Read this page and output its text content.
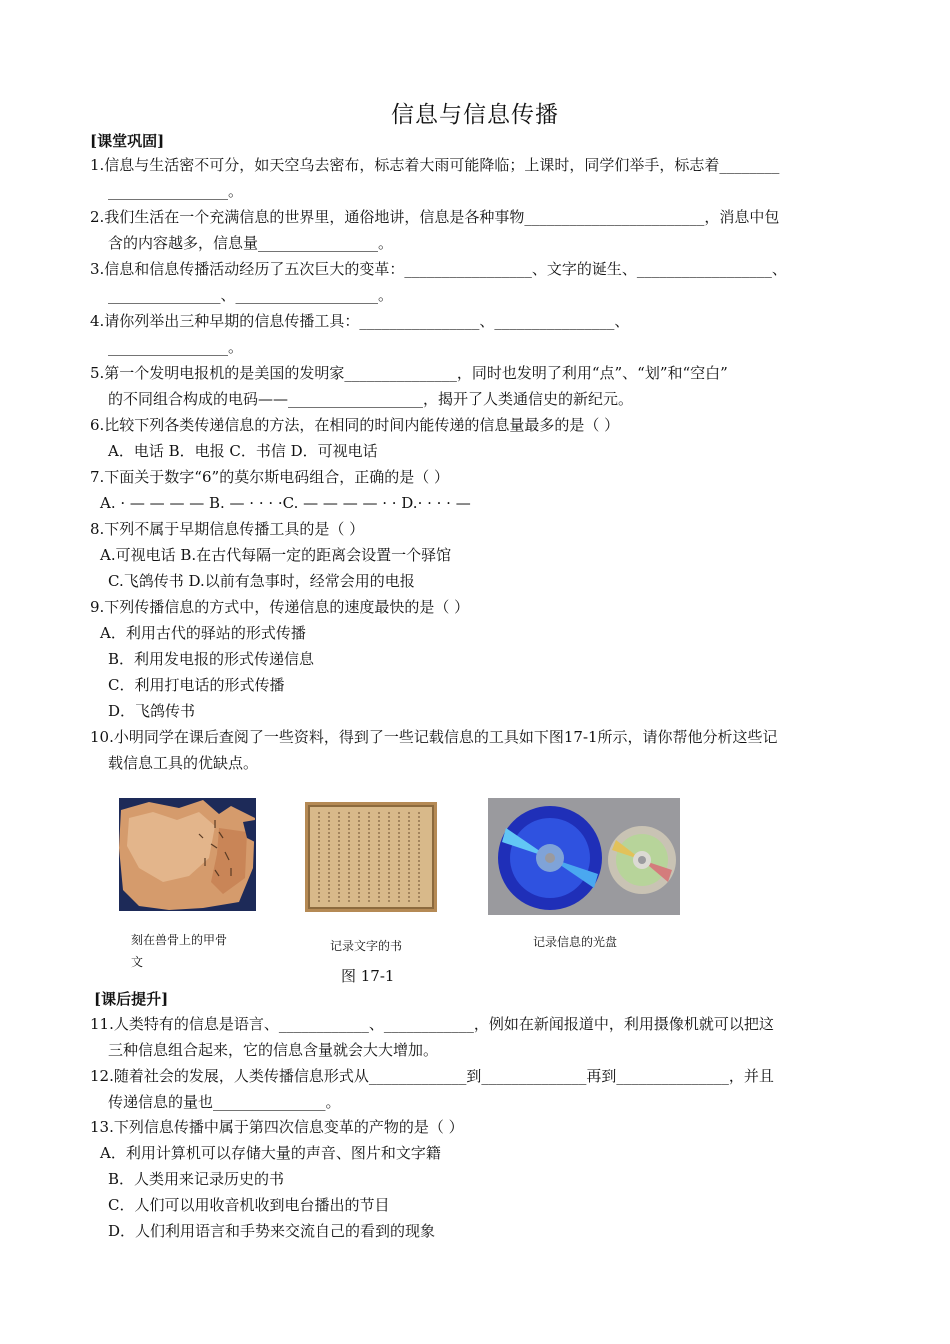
信息与信息传播
[课堂巩固]
1.信息与生活密不可分，如天空乌去密布，标志着大雨可能降临；上课时，同学们举手，标志着________
________________。
2.我们生活在一个充满信息的世界里，通俗地讲，信息是各种事物________________________，消息中包
含的内容越多，信息量________________。
3.信息和信息传播活动经历了五次巨大的变革：_________________、文字的诞生、__________________、
_______________、___________________。
4.请你列举出三种早期的信息传播工具：________________、________________、
________________。
5.第一个发明电报机的是美国的发明家_______________，同时也发明了利用“点”、“划”和“空白”
的不同组合构成的电码——__________________，揭开了人类通信史的新纪元。
6.比较下列各类传递信息的方法，在相同的时间内能传递的信息量最多的是（ ）
A．电话 B．电报 C．书信 D．可视电话
7.下面关于数字“6”的莫尔斯电码组合，正确的是（ ）
A. · — — — — B. — · · · ·C. — — — — · · D.· · · · —
8.下列不属于早期信息传播工具的是（ ）
A.可视电话 B.在古代每隔一定的距离会设置一个驿馆
C.飞鸽传书 D.以前有急事时，经常会用的电报
9.下列传播信息的方式中，传递信息的速度最快的是（ ）
A．利用古代的驿站的形式传播
B．利用发电报的形式传递信息
C．利用打电话的形式传播
D．飞鸽传书
10.小明同学在课后查阅了一些资料，得到了一些记载信息的工具如下图17-1所示，请你帮他分析这些记
载信息工具的优缺点。
刻在兽骨上的甲骨
文
记录文字的书	记录信息的光盘
图 17-1
[课后提升]
11.人类特有的信息是语言、____________、____________，例如在新闻报道中，利用摄像机就可以把这
三种信息组合起来，它的信息含量就会大大增加。
12.随着社会的发展，人类传播信息形式从_____________到______________再到_______________，并且
传递信息的量也_______________。
13.下列信息传播中属于第四次信息变革的产物的是（ ）
A．利用计算机可以存储大量的声音、图片和文字籍
B．人类用来记录历史的书
C．人们可以用收音机收到电台播出的节目
D．人们利用语言和手势来交流自己的看到的现象
